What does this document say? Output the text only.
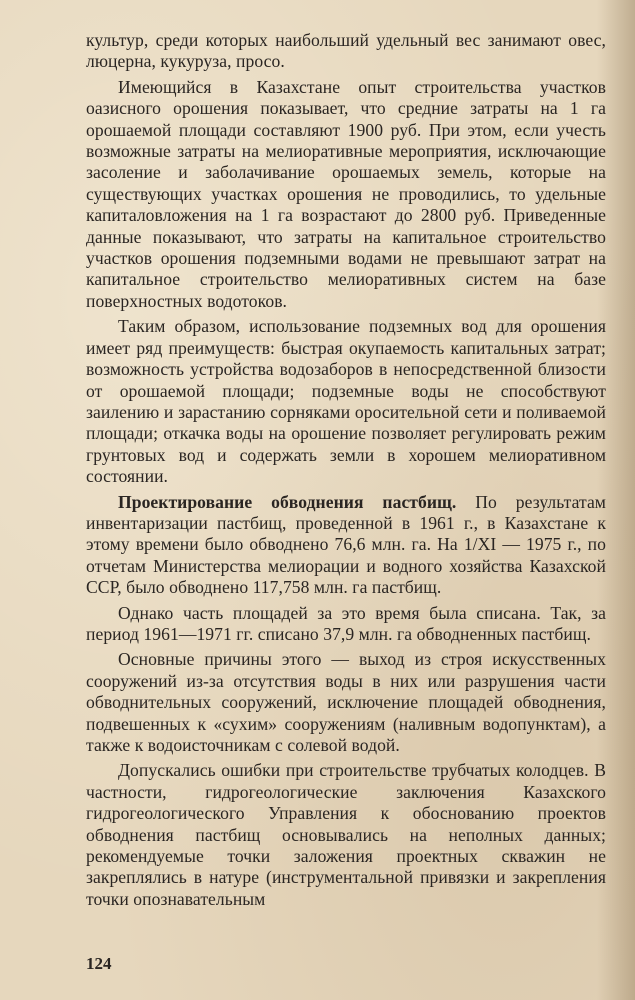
культур, среди которых наибольший удельный вес занимают овес, люцерна, кукуруза, просо.

Имеющийся в Казахстане опыт строительства участков оазисного орошения показывает, что средние затраты на 1 га орошаемой площади составляют 1900 руб. При этом, если учесть возможные затраты на мелиоративные мероприятия, исключающие засоление и заболачивание орошаемых земель, которые на существующих участках орошения не проводились, то удельные капиталовложения на 1 га возрастают до 2800 руб. Приведенные данные показывают, что затраты на капитальное строительство участков орошения подземными водами не превышают затрат на капитальное строительство мелиоративных систем на базе поверхностных водотоков.

Таким образом, использование подземных вод для орошения имеет ряд преимуществ: быстрая окупаемость капитальных затрат; возможность устройства водозаборов в непосредственной близости от орошаемой площади; подземные воды не способствуют заилению и зарастанию сорняками оросительной сети и поливаемой площади; откачка воды на орошение позволяет регулировать режим грунтовых вод и содержать земли в хорошем мелиоративном состоянии.

Проектирование обводнения пастбищ. По результатам инвентаризации пастбищ, проведенной в 1961 г., в Казахстане к этому времени было обводнено 76,6 млн. га. На 1/XI — 1975 г., по отчетам Министерства мелиорации и водного хозяйства Казахской ССР, было обводнено 117,758 млн. га пастбищ.

Однако часть площадей за это время была списана. Так, за период 1961—1971 гг. списано 37,9 млн. га обводненных пастбищ.

Основные причины этого — выход из строя искусственных сооружений из-за отсутствия воды в них или разрушения части обводнительных сооружений, исключение площадей обводнения, подвешенных к «сухим» сооружениям (наливным водопунктам), а также к водоисточникам с солевой водой.

Допускались ошибки при строительстве трубчатых колодцев. В частности, гидрогеологические заключения Казахского гидрогеологического Управления к обоснованию проектов обводнения пастбищ основывались на неполных данных; рекомендуемые точки заложения проектных скважин не закреплялись в натуре (инструментальной привязки и закрепления точки опознавательным

124
